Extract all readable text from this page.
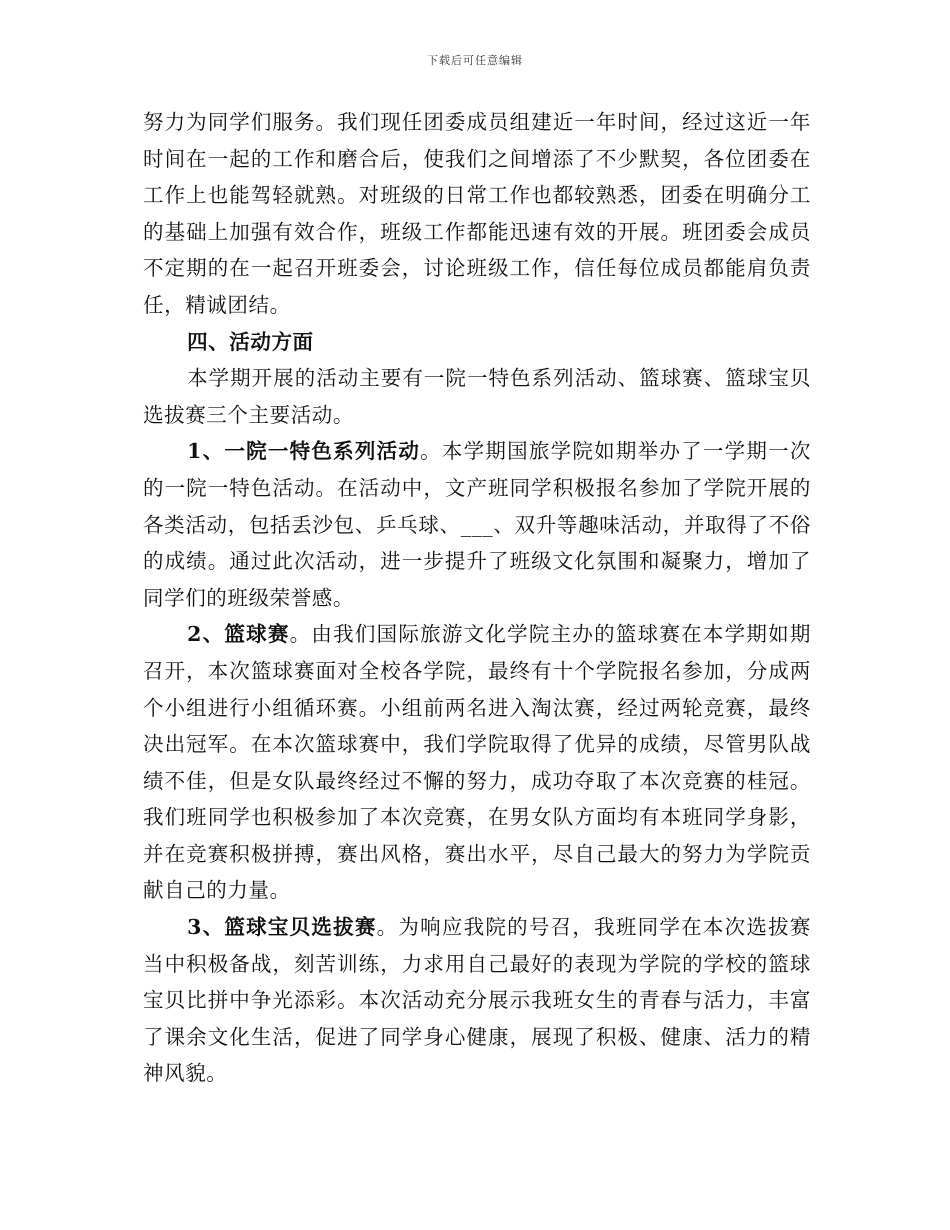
下载后可任意编辑

努力为同学们服务。我们现任团委成员组建近一年时间，经过这近一年时间在一起的工作和磨合后，使我们之间增添了不少默契，各位团委在工作上也能驾轻就熟。对班级的日常工作也都较熟悉，团委在明确分工的基础上加强有效合作，班级工作都能迅速有效的开展。班团委会成员不定期的在一起召开班委会，讨论班级工作，信任每位成员都能肩负责任，精诚团结。

四、活动方面

本学期开展的活动主要有一院一特色系列活动、篮球赛、篮球宝贝选拔赛三个主要活动。

1、一院一特色系列活动。本学期国旅学院如期举办了一学期一次的一院一特色活动。在活动中，文产班同学积极报名参加了学院开展的各类活动，包括丢沙包、乒乓球、___、双升等趣味活动，并取得了不俗的成绩。通过此次活动，进一步提升了班级文化氛围和凝聚力，增加了同学们的班级荣誉感。

2、篮球赛。由我们国际旅游文化学院主办的篮球赛在本学期如期召开，本次篮球赛面对全校各学院，最终有十个学院报名参加，分成两个小组进行小组循环赛。小组前两名进入淘汰赛，经过两轮竞赛，最终决出冠军。在本次篮球赛中，我们学院取得了优异的成绩，尽管男队战绩不佳，但是女队最终经过不懈的努力，成功夺取了本次竞赛的桂冠。我们班同学也积极参加了本次竞赛，在男女队方面均有本班同学身影，并在竞赛积极拼搏，赛出风格，赛出水平，尽自己最大的努力为学院贡献自己的力量。

3、篮球宝贝选拔赛。为响应我院的号召，我班同学在本次选拔赛当中积极备战，刻苦训练，力求用自己最好的表现为学院的学校的篮球宝贝比拼中争光添彩。本次活动充分展示我班女生的青春与活力，丰富了课余文化生活，促进了同学身心健康，展现了积极、健康、活力的精神风貌。
